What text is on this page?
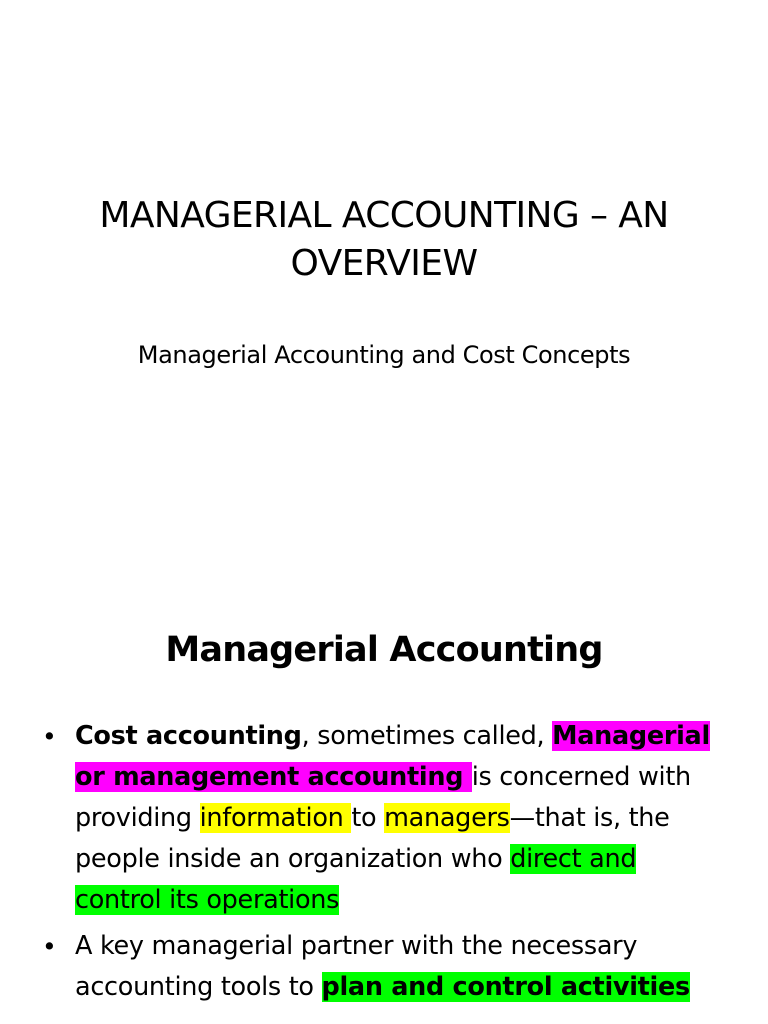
MANAGERIAL ACCOUNTING – AN OVERVIEW
Managerial Accounting and Cost Concepts
Managerial Accounting
• Cost accounting, sometimes called, Managerial or management accounting is concerned with providing information to managers—that is, the people inside an organization who direct and control its operations
• A key managerial partner with the necessary accounting tools to plan and control activities
